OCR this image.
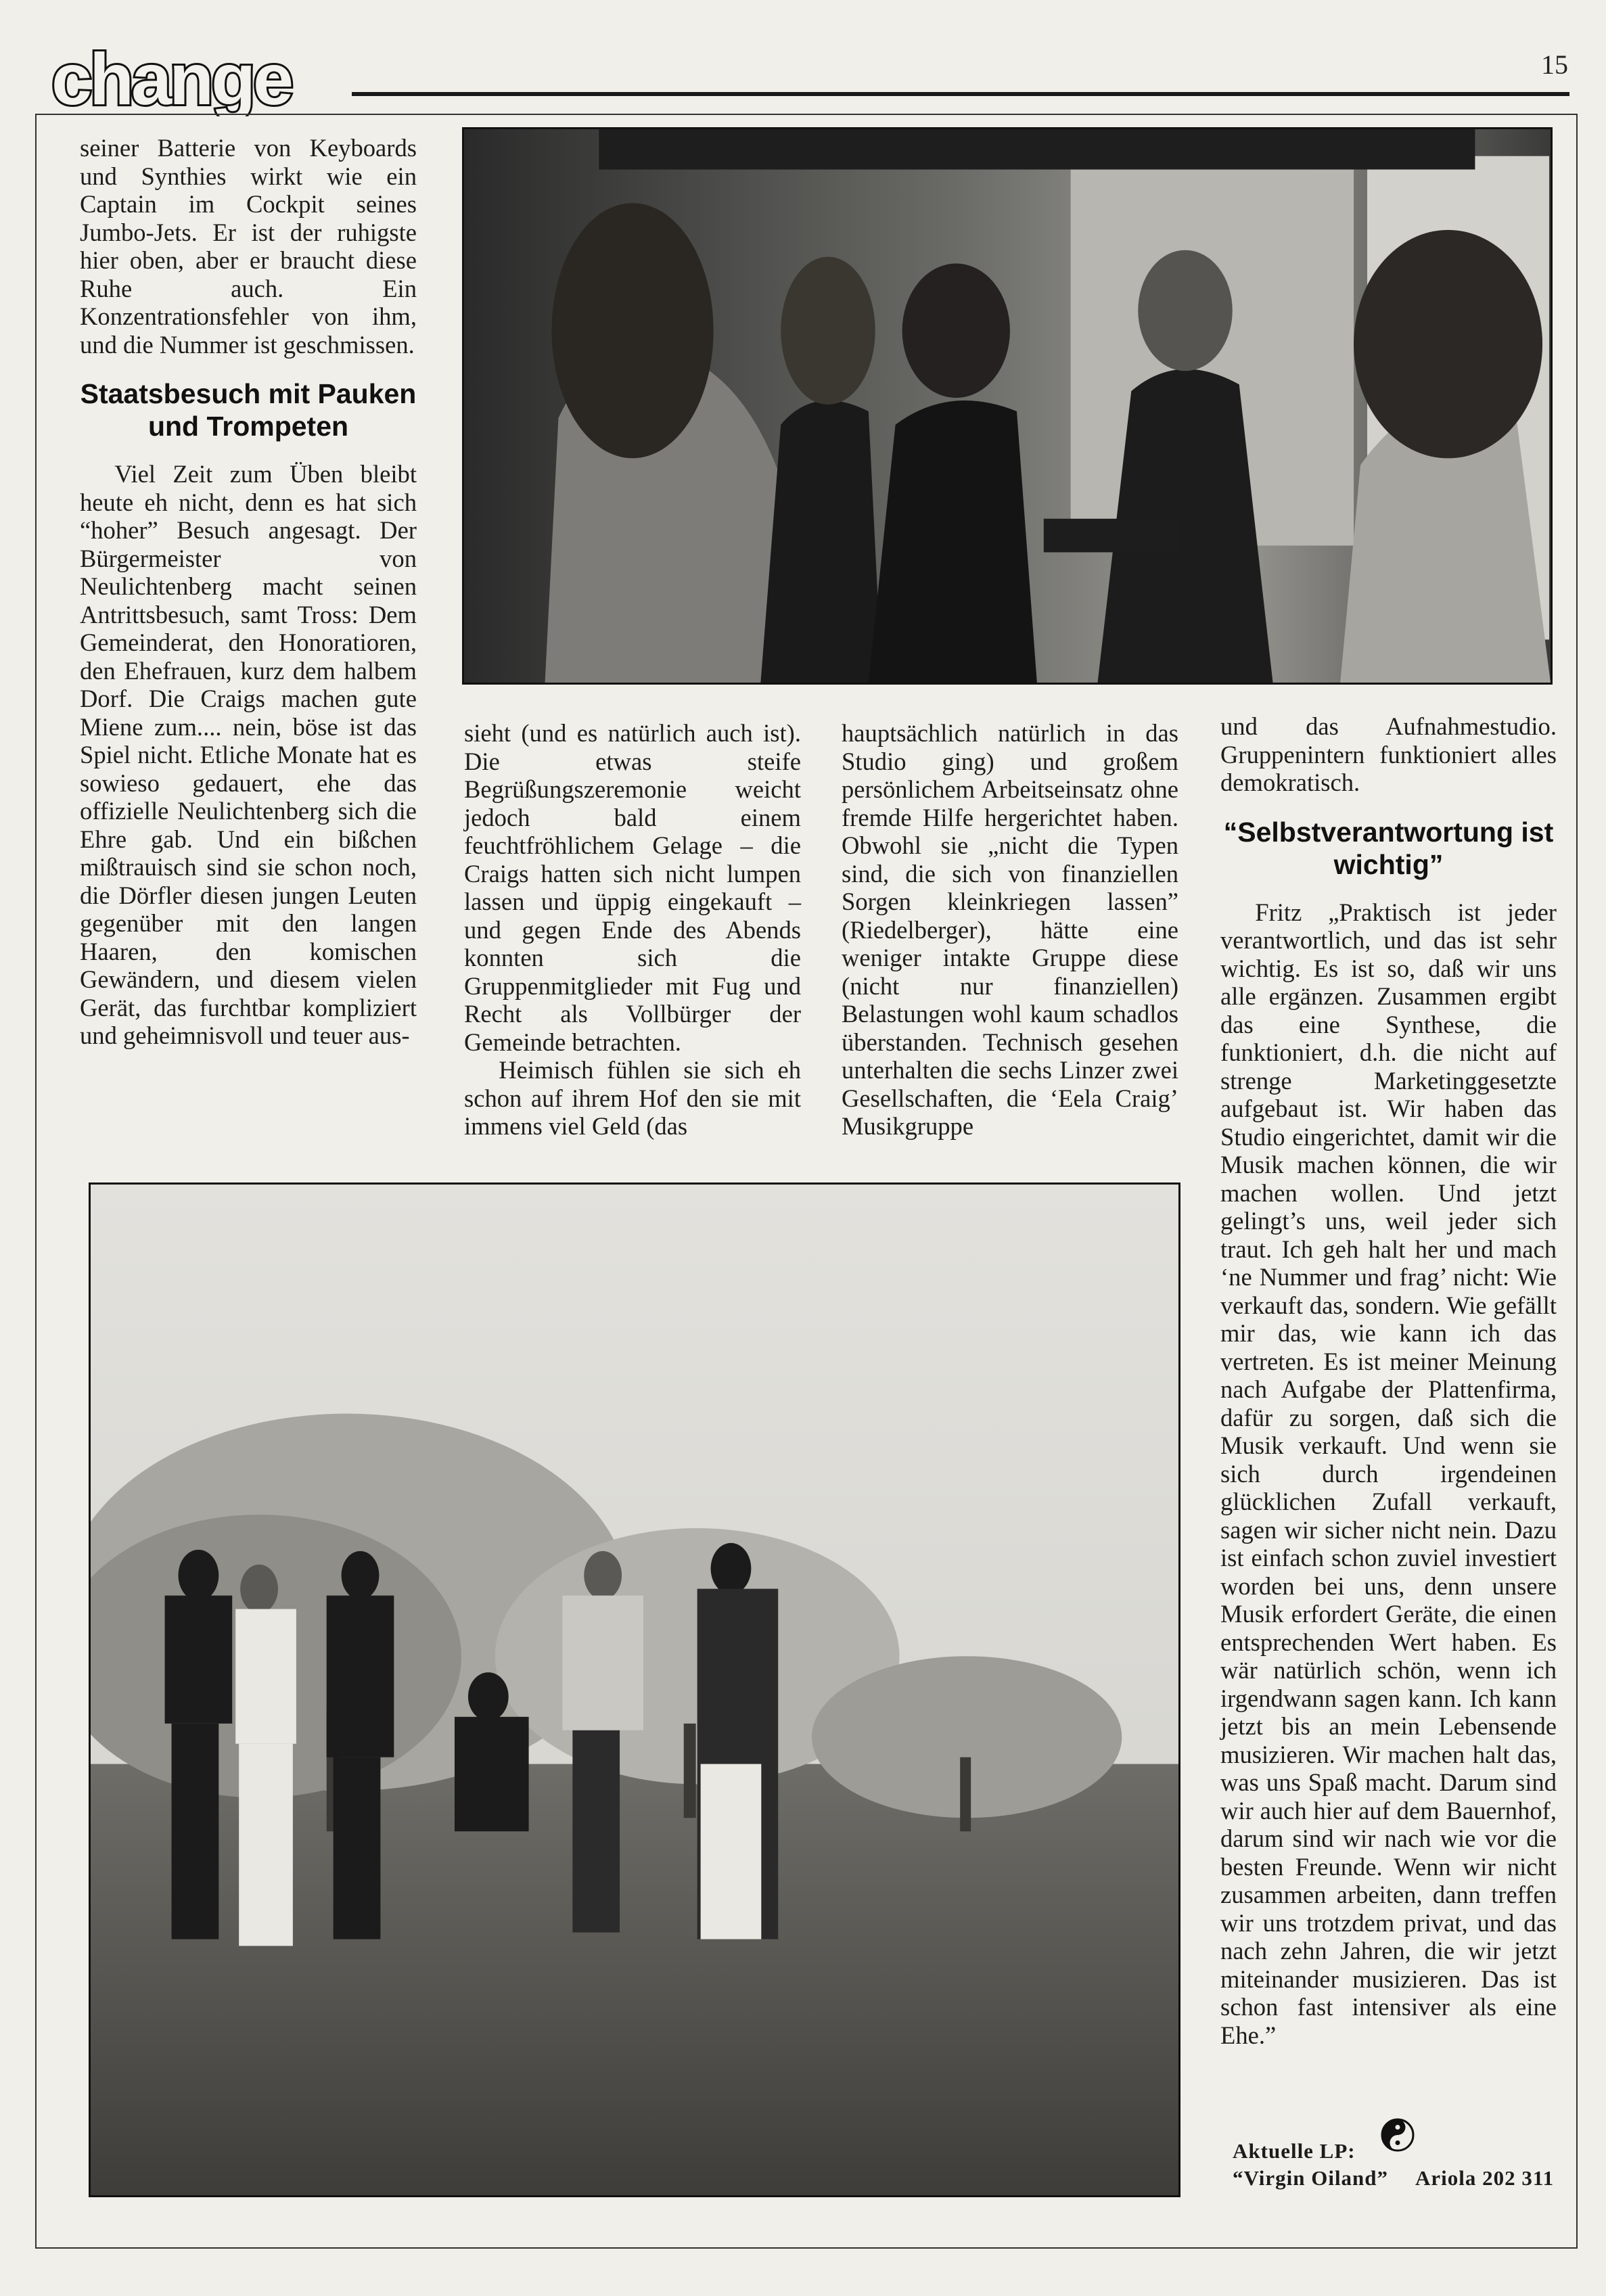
change	15

seiner Batterie von Keyboards und Synthies wirkt wie ein Captain im Cockpit seines Jumbo-Jets. Er ist der ruhigste hier oben, aber er braucht diese Ruhe auch. Ein Konzentrationsfehler von ihm, und die Nummer ist geschmissen.

Staatsbesuch mit Pauken und Trompeten

Viel Zeit zum Üben bleibt heute eh nicht, denn es hat sich “hoher” Besuch angesagt. Der Bürgermeister von Neulichtenberg macht seinen Antrittsbesuch, samt Tross: Dem Gemeinderat, den Honoratioren, den Ehefrauen, kurz dem halbem Dorf. Die Craigs machen gute Miene zum.... nein, böse ist das Spiel nicht. Etliche Monate hat es sowieso gedauert, ehe das offizielle Neulichtenberg sich die Ehre gab. Und ein bißchen mißtrauisch sind sie schon noch, die Dörfler diesen jungen Leuten gegenüber mit den langen Haaren, den komischen Gewändern, und diesem vielen Gerät, das furchtbar kompliziert und geheimnisvoll und teuer aus-

sieht (und es natürlich auch ist). Die etwas steife Begrüßungszeremonie weicht jedoch bald einem feuchtfröhlichem Gelage – die Craigs hatten sich nicht lumpen lassen und üppig eingekauft – und gegen Ende des Abends konnten sich die Gruppenmitglieder mit Fug und Recht als Vollbürger der Gemeinde betrachten.

Heimisch fühlen sie sich eh schon auf ihrem Hof den sie mit immens viel Geld (das

hauptsächlich natürlich in das Studio ging) und großem persönlichem Arbeitseinsatz ohne fremde Hilfe hergerichtet haben. Obwohl sie „nicht die Typen sind, die sich von finanziellen Sorgen kleinkriegen lassen” (Riedelberger), hätte eine weniger intakte Gruppe diese (nicht nur finanziellen) Belastungen wohl kaum schadlos überstanden. Technisch gesehen unterhalten die sechs Linzer zwei Gesellschaften, die ‘Eela Craig’ Musikgruppe

und das Aufnahmestudio. Gruppenintern funktioniert alles demokratisch.

“Selbstverantwortung ist wichtig”

Fritz „Praktisch ist jeder verantwortlich, und das ist sehr wichtig. Es ist so, daß wir uns alle ergänzen. Zusammen ergibt das eine Synthese, die funktioniert, d.h. die nicht auf strenge Marketinggesetzte aufgebaut ist. Wir haben das Studio eingerichtet, damit wir die Musik machen können, die wir machen wollen. Und jetzt gelingt’s uns, weil jeder sich traut. Ich geh halt her und mach ‘ne Nummer und frag’ nicht: Wie verkauft das, sondern. Wie gefällt mir das, wie kann ich das vertreten. Es ist meiner Meinung nach Aufgabe der Plattenfirma, dafür zu sorgen, daß sich die Musik verkauft. Und wenn sie sich durch irgendeinen glücklichen Zufall verkauft, sagen wir sicher nicht nein. Dazu ist einfach schon zuviel investiert worden bei uns, denn unsere Musik erfordert Geräte, die einen entsprechenden Wert haben. Es wär natürlich schön, wenn ich irgendwann sagen kann. Ich kann jetzt bis an mein Lebensende musizieren. Wir machen halt das, was uns Spaß macht. Darum sind wir auch hier auf dem Bauernhof, darum sind wir nach wie vor die besten Freunde. Wenn wir nicht zusammen arbeiten, dann treffen wir uns trotzdem privat, und das nach zehn Jahren, die wir jetzt miteinander musizieren. Das ist schon fast intensiver als eine Ehe.”

Aktuelle LP:
“Virgin Oiland” Ariola 202 311
